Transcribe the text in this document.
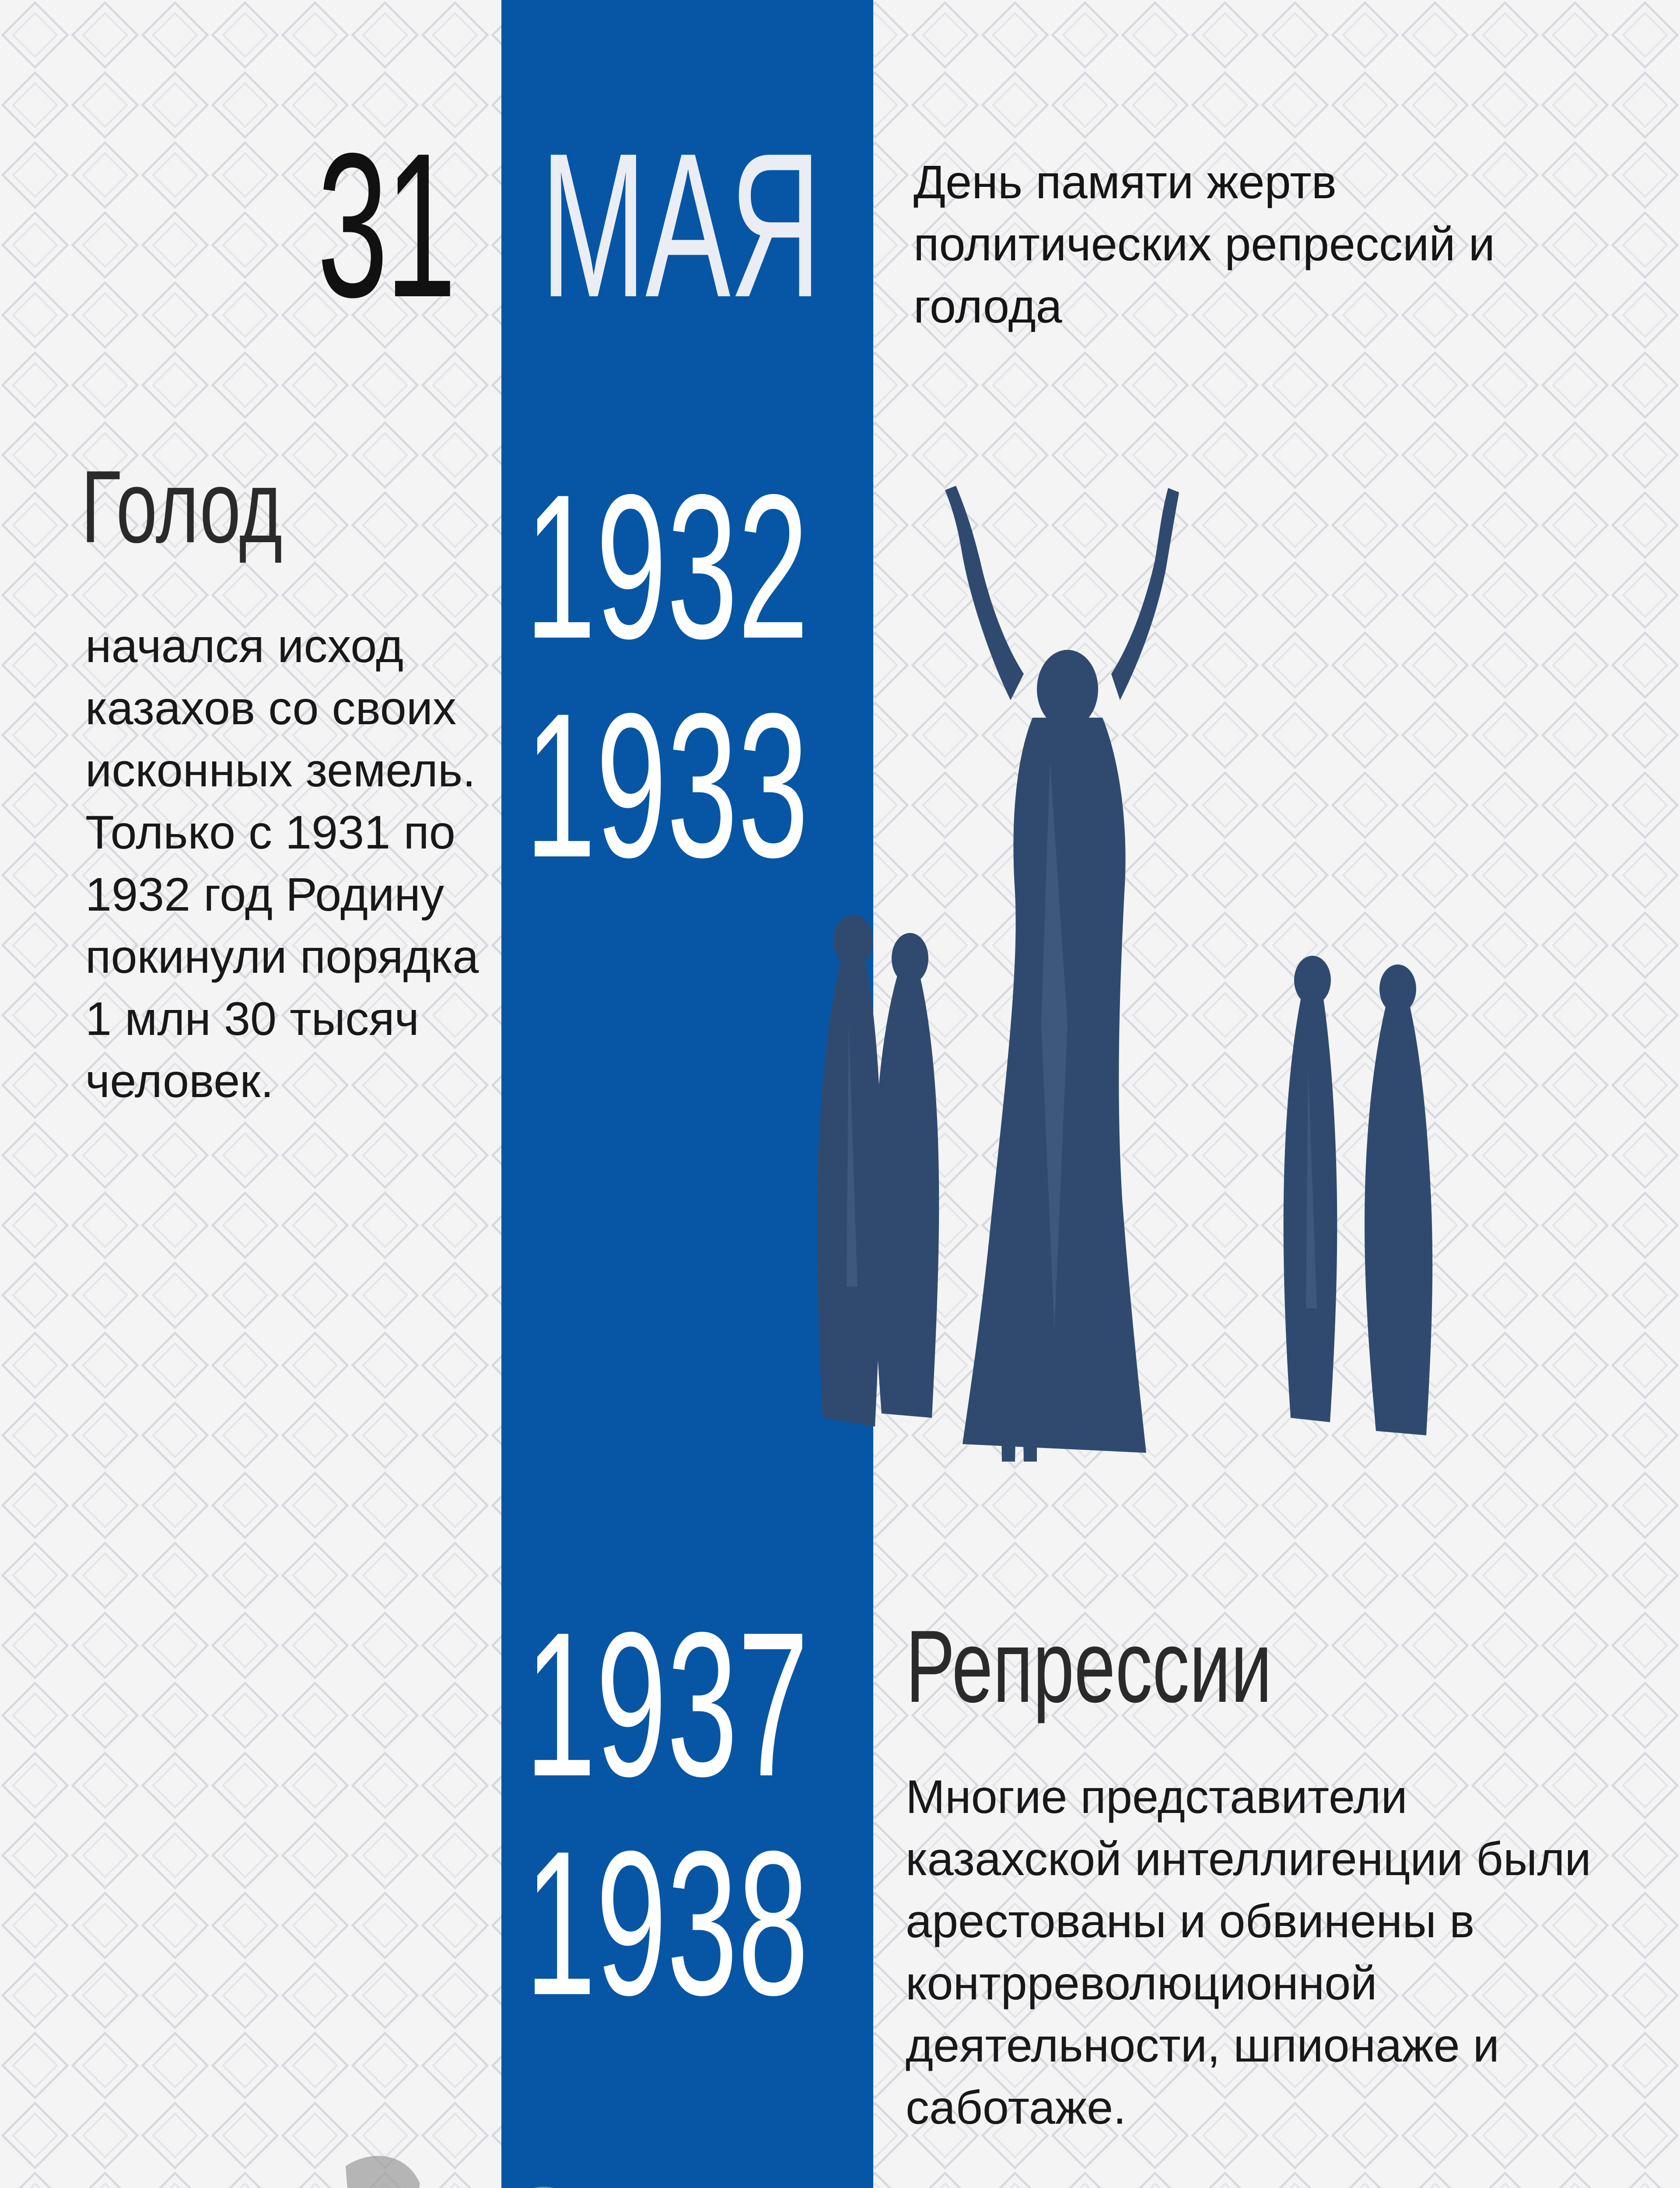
31 МАЯ День памяти жертв политических репрессий и голода
Голод
начался исход казахов со своих исконных земель. Только с 1931 по 1932 год Родину покинули порядка 1 млн 30 тысяч человек.
1932
1933
1937
1938
Репрессии

Многие представители казахской интеллигенции были арестованы и обвинены в контрреволюционной деятельности, шпионаже и саботаже.
